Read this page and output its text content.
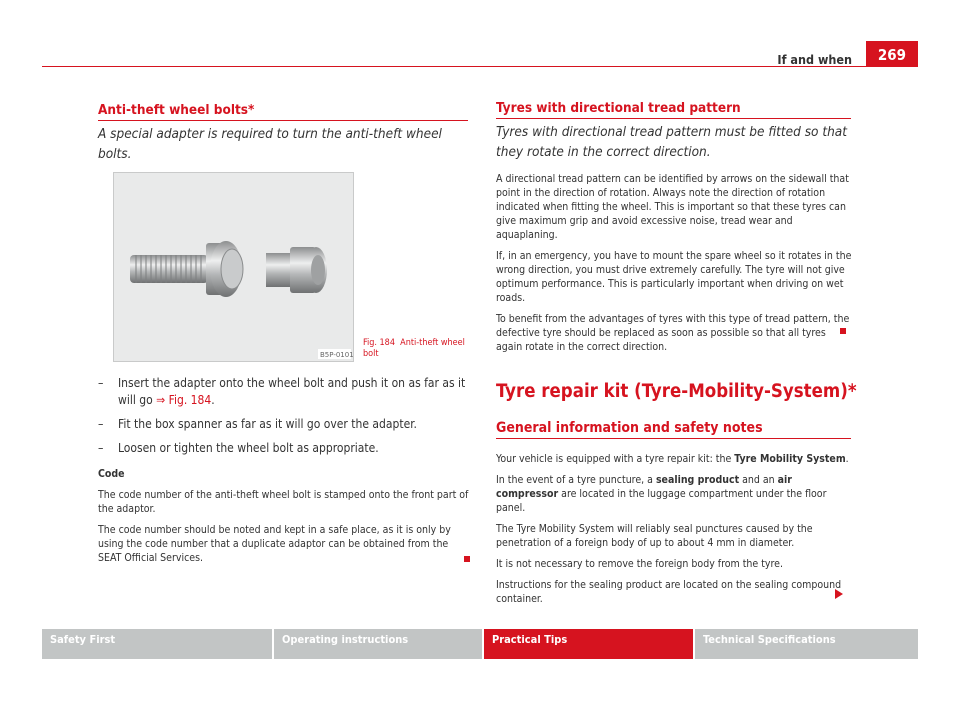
If and when	269
Anti-theft wheel bolts*
A special adapter is required to turn the anti-theft wheel bolts.
B5P-0101
Fig. 184 Anti-theft wheel bolt
– Insert the adapter onto the wheel bolt and push it on as far as it will go ⇒ Fig. 184.
– Fit the box spanner as far as it will go over the adapter.
– Loosen or tighten the wheel bolt as appropriate.

Code

The code number of the anti-theft wheel bolt is stamped onto the front part of the adaptor.

The code number should be noted and kept in a safe place, as it is only by using the code number that a duplicate adaptor can be obtained from the SEAT Official Services.

Tyres with directional tread pattern
Tyres with directional tread pattern must be fitted so that they rotate in the correct direction.

A directional tread pattern can be identified by arrows on the sidewall that point in the direction of rotation. Always note the direction of rotation indicated when fitting the wheel. This is important so that these tyres can give maximum grip and avoid excessive noise, tread wear and aquaplaning.

If, in an emergency, you have to mount the spare wheel so it rotates in the wrong direction, you must drive extremely carefully. The tyre will not give optimum performance. This is particularly important when driving on wet roads.

To benefit from the advantages of tyres with this type of tread pattern, the defective tyre should be replaced as soon as possible so that all tyres again rotate in the correct direction.

Tyre repair kit (Tyre-Mobility-System)*
General information and safety notes

Your vehicle is equipped with a tyre repair kit: the Tyre Mobility System.

In the event of a tyre puncture, a sealing product and an air compressor are located in the luggage compartment under the floor panel.

The Tyre Mobility System will reliably seal punctures caused by the penetration of a foreign body of up to about 4 mm in diameter.

It is not necessary to remove the foreign body from the tyre.

Instructions for the sealing product are located on the sealing compound container.

Safety First	Operating instructions	Practical Tips	Technical Specifications
